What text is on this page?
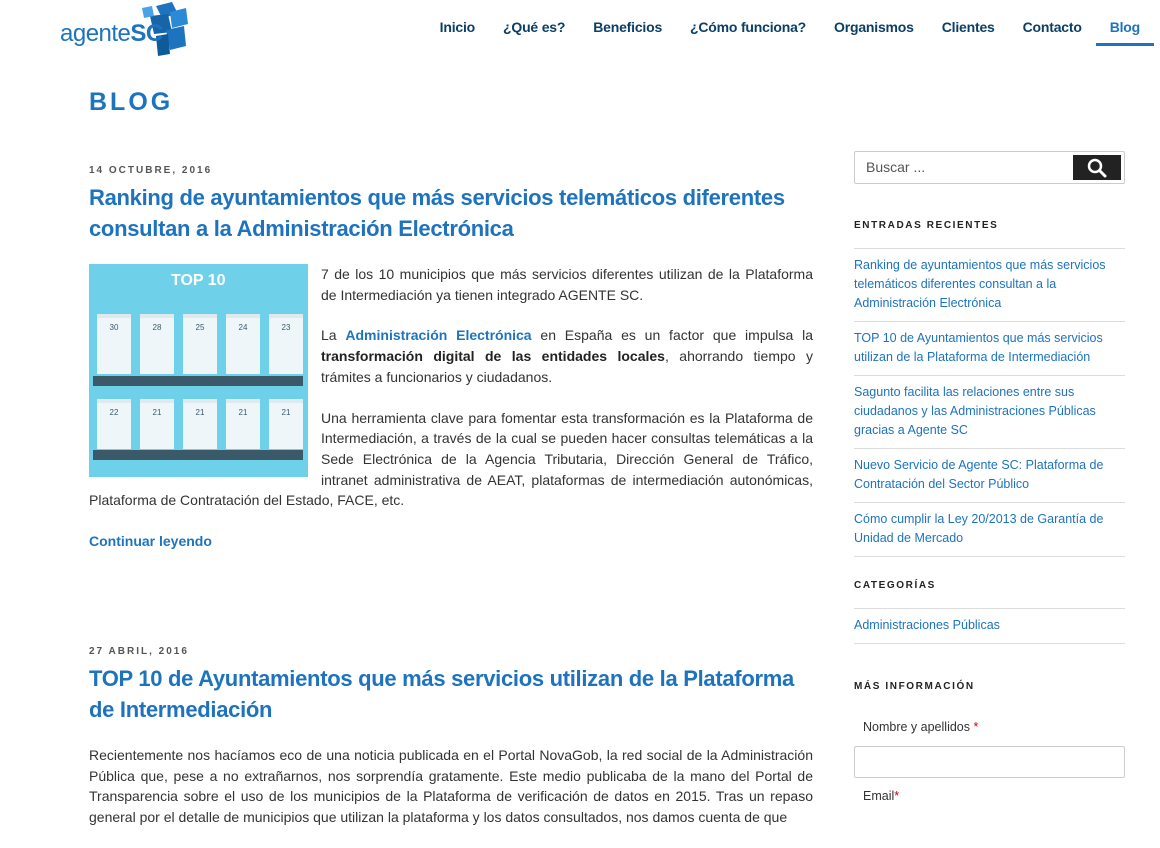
agenteSC	Inicio	¿Qué es?	Beneficios	¿Cómo funciona?	Organismos	Clientes	Contacto	Blog
BLOG
14 OCTUBRE, 2016
Ranking de ayuntamientos que más servicios telemáticos diferentes consultan a la Administración Electrónica
TOP 10
30	28	25	24	23
22	21	21	21	21

7 de los 10 municipios que más servicios diferentes utilizan de la Plataforma de Intermediación ya tienen integrado AGENTE SC.

La Administración Electrónica en España es un factor que impulsa la transformación digital de las entidades locales, ahorrando tiempo y trámites a funcionarios y ciudadanos.

Una herramienta clave para fomentar esta transformación es la Plataforma de Intermediación, a través de la cual se pueden hacer consultas telemáticas a la Sede Electrónica de la Agencia Tributaria, Dirección General de Tráfico, intranet administrativa de AEAT, plataformas de intermediación autonómicas, Plataforma de Contratación del Estado, FACE, etc.

Continuar leyendo
27 ABRIL, 2016
TOP 10 de Ayuntamientos que más servicios utilizan de la Plataforma de Intermediación

Recientemente nos hacíamos eco de una noticia publicada en el Portal NovaGob, la red social de la Administración Pública que, pese a no extrañarnos, nos sorprendía gratamente. Este medio publicaba de la mano del Portal de Transparencia sobre el uso de los municipios de la Plataforma de verificación de datos en 2015. Tras un repaso general por el detalle de municipios que utilizan la plataforma y los datos consultados, nos damos cuenta de que

Buscar ...
ENTRADAS RECIENTES
Ranking de ayuntamientos que más servicios telemáticos diferentes consultan a la Administración Electrónica
TOP 10 de Ayuntamientos que más servicios utilizan de la Plataforma de Intermediación
Sagunto facilita las relaciones entre sus ciudadanos y las Administraciones Públicas gracias a Agente SC
Nuevo Servicio de Agente SC: Plataforma de Contratación del Sector Público
Cómo cumplir la Ley 20/2013 de Garantía de Unidad de Mercado
CATEGORÍAS
Administraciones Públicas
MÁS INFORMACIÓN
Nombre y apellidos *
Email*
